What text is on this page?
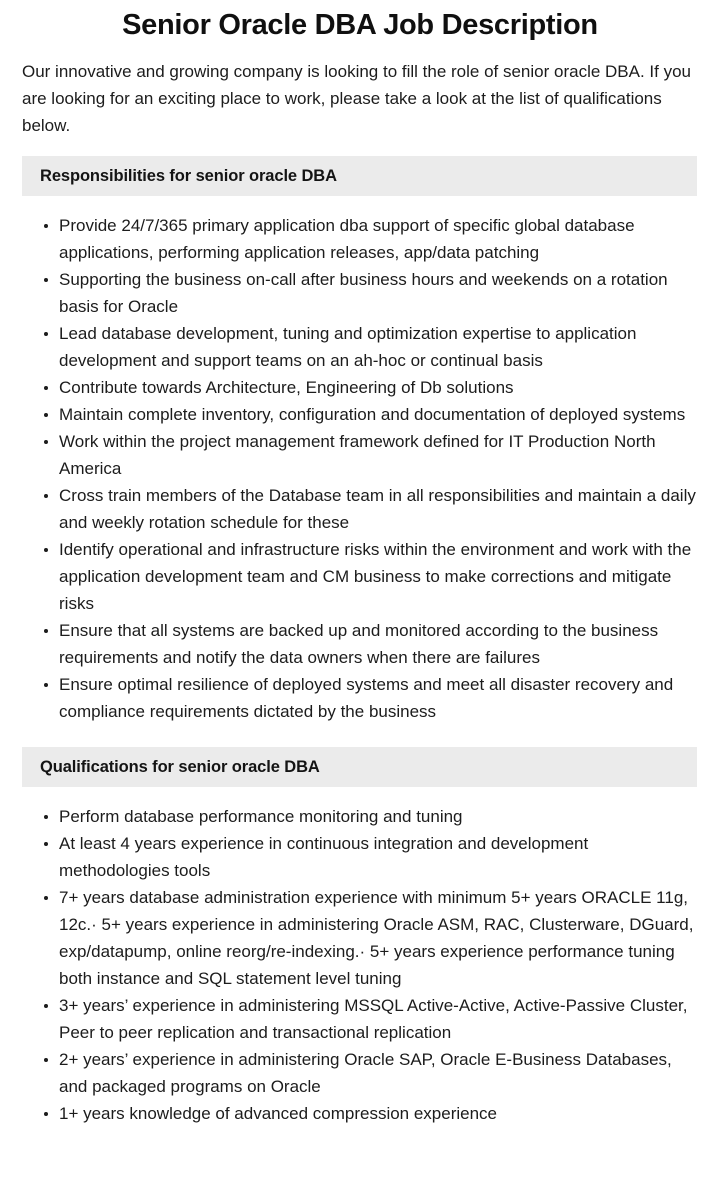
Senior Oracle DBA Job Description

Our innovative and growing company is looking to fill the role of senior oracle DBA. If you are looking for an exciting place to work, please take a look at the list of qualifications below.

Responsibilities for senior oracle DBA
Provide 24/7/365 primary application dba support of specific global database applications, performing application releases, app/data patching
Supporting the business on-call after business hours and weekends on a rotation basis for Oracle
Lead database development, tuning and optimization expertise to application development and support teams on an ah-hoc or continual basis
Contribute towards Architecture, Engineering of Db solutions
Maintain complete inventory, configuration and documentation of deployed systems
Work within the project management framework defined for IT Production North America
Cross train members of the Database team in all responsibilities and maintain a daily and weekly rotation schedule for these
Identify operational and infrastructure risks within the environment and work with the application development team and CM business to make corrections and mitigate risks
Ensure that all systems are backed up and monitored according to the business requirements and notify the data owners when there are failures
Ensure optimal resilience of deployed systems and meet all disaster recovery and compliance requirements dictated by the business
Qualifications for senior oracle DBA
Perform database performance monitoring and tuning
At least 4 years experience in continuous integration and development methodologies tools
7+ years database administration experience with minimum 5+ years ORACLE 11g, 12c.· 5+ years experience in administering Oracle ASM, RAC, Clusterware, DGuard, exp/datapump, online reorg/re-indexing.· 5+ years experience performance tuning both instance and SQL statement level tuning
3+ years’ experience in administering MSSQL Active-Active, Active-Passive Cluster, Peer to peer replication and transactional replication
2+ years’ experience in administering Oracle SAP, Oracle E-Business Databases, and packaged programs on Oracle
1+ years knowledge of advanced compression experience
